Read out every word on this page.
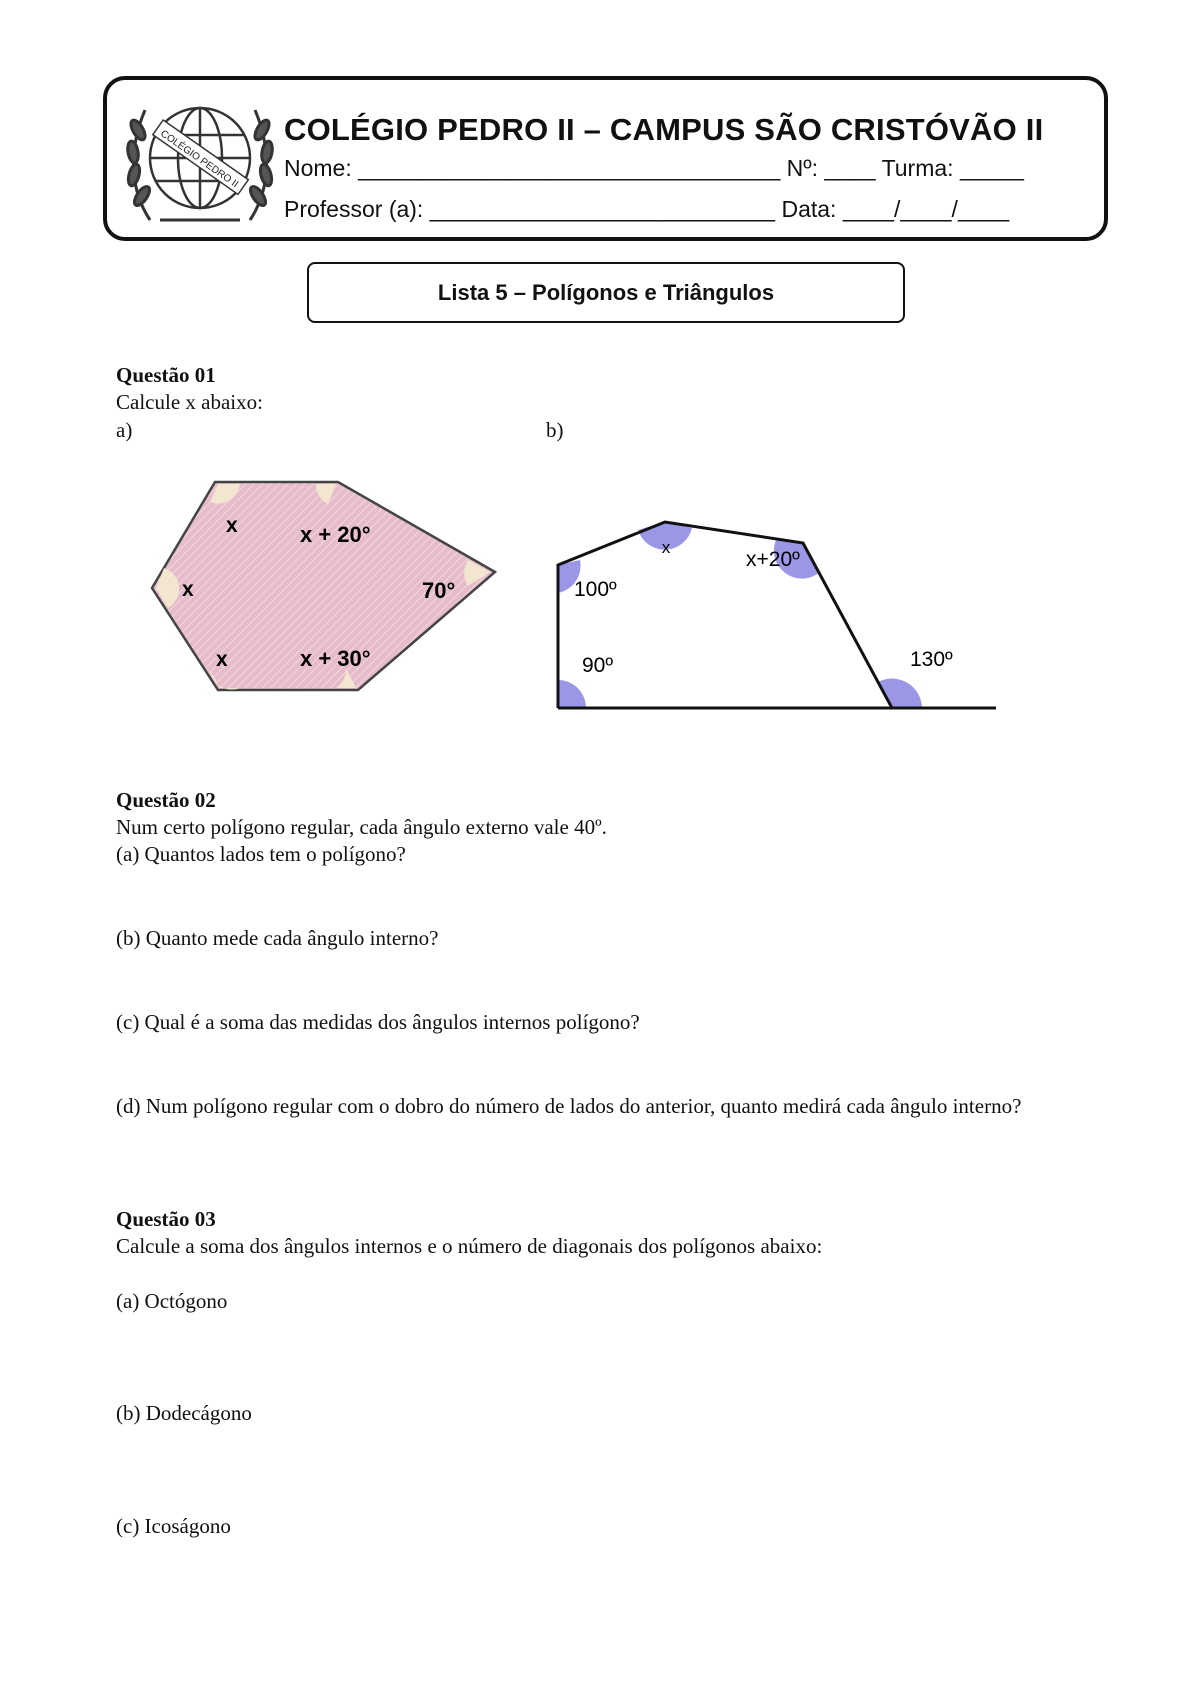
COLÉGIO PEDRO II COLÉGIO PEDRO II – CAMPUS SÃO CRISTÓVÃO II
Nome: _________________________________ Nº: ____ Turma: _____
Professor (a): ___________________________ Data: ____/____/____
Lista 5 – Polígonos e Triângulos
Questão 01
Calcule x abaixo:
a)	b)
x	x + 20°
x	70°
x	x + 30°
100º
x
x+20º
90º	130º
Questão 02
Num certo polígono regular, cada ângulo externo vale 40º.
(a) Quantos lados tem o polígono?
(b) Quanto mede cada ângulo interno?
(c) Qual é a soma das medidas dos ângulos internos polígono?
(d) Num polígono regular com o dobro do número de lados do anterior, quanto medirá cada ângulo interno?
Questão 03
Calcule a soma dos ângulos internos e o número de diagonais dos polígonos abaixo:
(a) Octógono
(b) Dodecágono
(c) Icoságono
